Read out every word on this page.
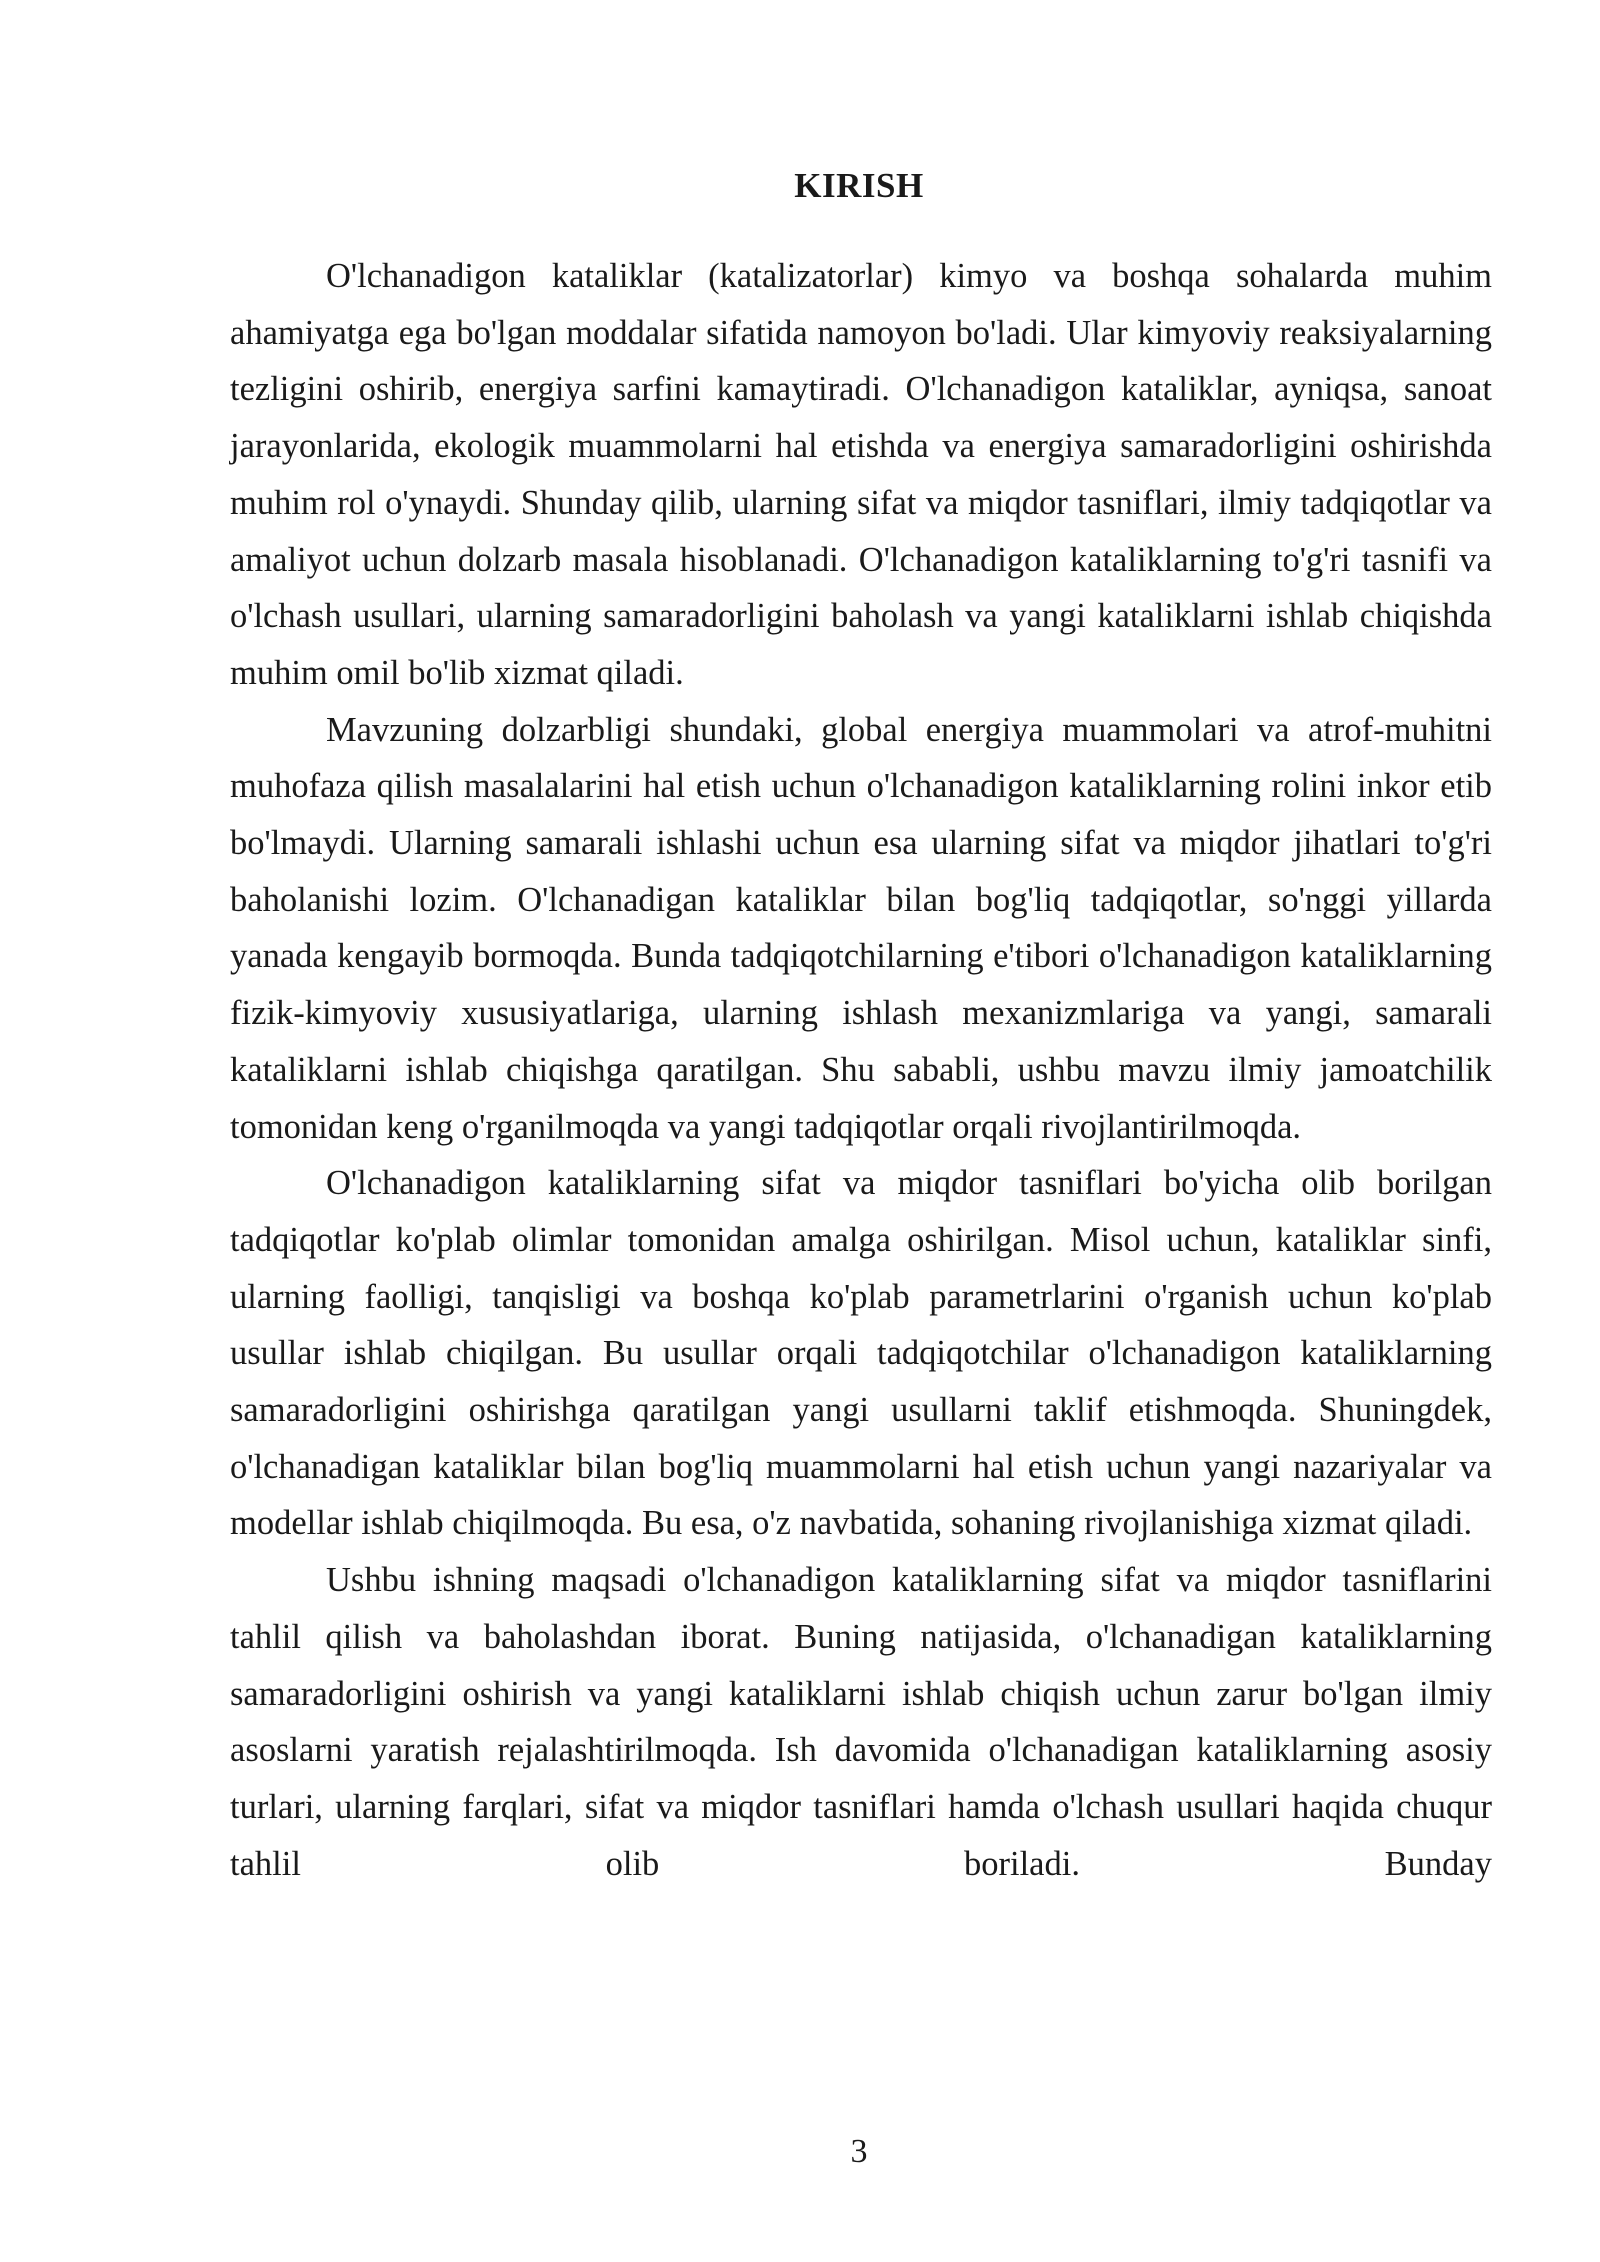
KIRISH

O'lchanadigon kataliklar (katalizatorlar) kimyo va boshqa sohalarda muhim ahamiyatga ega bo'lgan moddalar sifatida namoyon bo'ladi. Ular kimyoviy reaksiyalarning tezligini oshirib, energiya sarfini kamaytiradi. O'lchanadigon kataliklar, ayniqsa, sanoat jarayonlarida, ekologik muammolarni hal etishda va energiya samaradorligini oshirishda muhim rol o'ynaydi. Shunday qilib, ularning sifat va miqdor tasniflari, ilmiy tadqiqotlar va amaliyot uchun dolzarb masala hisoblanadi. O'lchanadigon kataliklarning to'g'ri tasnifi va o'lchash usullari, ularning samaradorligini baholash va yangi kataliklarni ishlab chiqishda muhim omil bo'lib xizmat qiladi.

Mavzuning dolzarbligi shundaki, global energiya muammolari va atrof-muhitni muhofaza qilish masalalarini hal etish uchun o'lchanadigon kataliklarning rolini inkor etib bo'lmaydi. Ularning samarali ishlashi uchun esa ularning sifat va miqdor jihatlari to'g'ri baholanishi lozim. O'lchanadigan kataliklar bilan bog'liq tadqiqotlar, so'nggi yillarda yanada kengayib bormoqda. Bunda tadqiqotchilarning e'tibori o'lchanadigon kataliklarning fizik-kimyoviy xususiyatlariga, ularning ishlash mexanizmlariga va yangi, samarali kataliklarni ishlab chiqishga qaratilgan. Shu sababli, ushbu mavzu ilmiy jamoatchilik tomonidan keng o'rganilmoqda va yangi tadqiqotlar orqali rivojlantirilmoqda.

O'lchanadigon kataliklarning sifat va miqdor tasniflari bo'yicha olib borilgan tadqiqotlar ko'plab olimlar tomonidan amalga oshirilgan. Misol uchun, kataliklar sinfi, ularning faolligi, tanqisligi va boshqa ko'plab parametrlarini o'rganish uchun ko'plab usullar ishlab chiqilgan. Bu usullar orqali tadqiqotchilar o'lchanadigon kataliklarning samaradorligini oshirishga qaratilgan yangi usullarni taklif etishmoqda. Shuningdek, o'lchanadigan kataliklar bilan bog'liq muammolarni hal etish uchun yangi nazariyalar va modellar ishlab chiqilmoqda. Bu esa, o'z navbatida, sohaning rivojlanishiga xizmat qiladi.

Ushbu ishning maqsadi o'lchanadigon kataliklarning sifat va miqdor tasniflarini tahlil qilish va baholashdan iborat. Buning natijasida, o'lchanadigan kataliklarning samaradorligini oshirish va yangi kataliklarni ishlab chiqish uchun zarur bo'lgan ilmiy asoslarni yaratish rejalashtirilmoqda. Ish davomida o'lchanadigan kataliklarning asosiy turlari, ularning farqlari, sifat va miqdor tasniflari hamda o'lchash usullari haqida chuqur tahlil olib boriladi. Bunday

3
